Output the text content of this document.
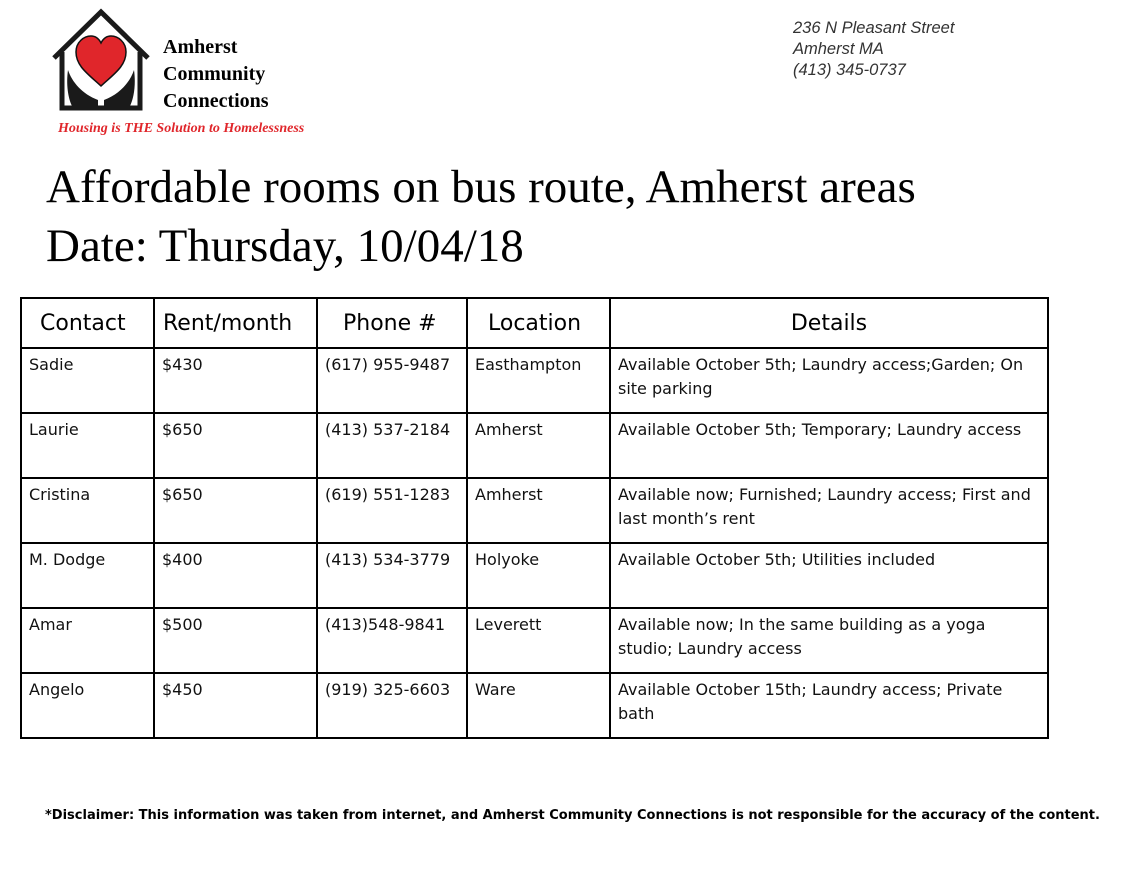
Amherst
Community
Connections
Housing is THE Solution to Homelessness
236 N Pleasant Street
Amherst MA
(413) 345-0737
Affordable rooms on bus route, Amherst areas
Date: Thursday, 10/04/18
Contact	Rent/month	Phone #	Location	Details
Sadie	$430	(617) 955-9487	Easthampton	Available October 5th; Laundry access;Garden; On site parking
Laurie	$650	(413) 537-2184	Amherst	Available October 5th; Temporary; Laundry access
Cristina	$650	(619) 551-1283	Amherst	Available now; Furnished; Laundry access; First and last month’s rent
M. Dodge	$400	(413) 534-3779	Holyoke	Available October 5th; Utilities included
Amar	$500	(413)548-9841	Leverett	Available now; In the same building as a yoga studio; Laundry access
Angelo	$450	(919) 325-6603	Ware	Available October 15th; Laundry access; Private bath
*Disclaimer: This information was taken from internet, and Amherst Community Connections is not responsible for the accuracy of the content.
